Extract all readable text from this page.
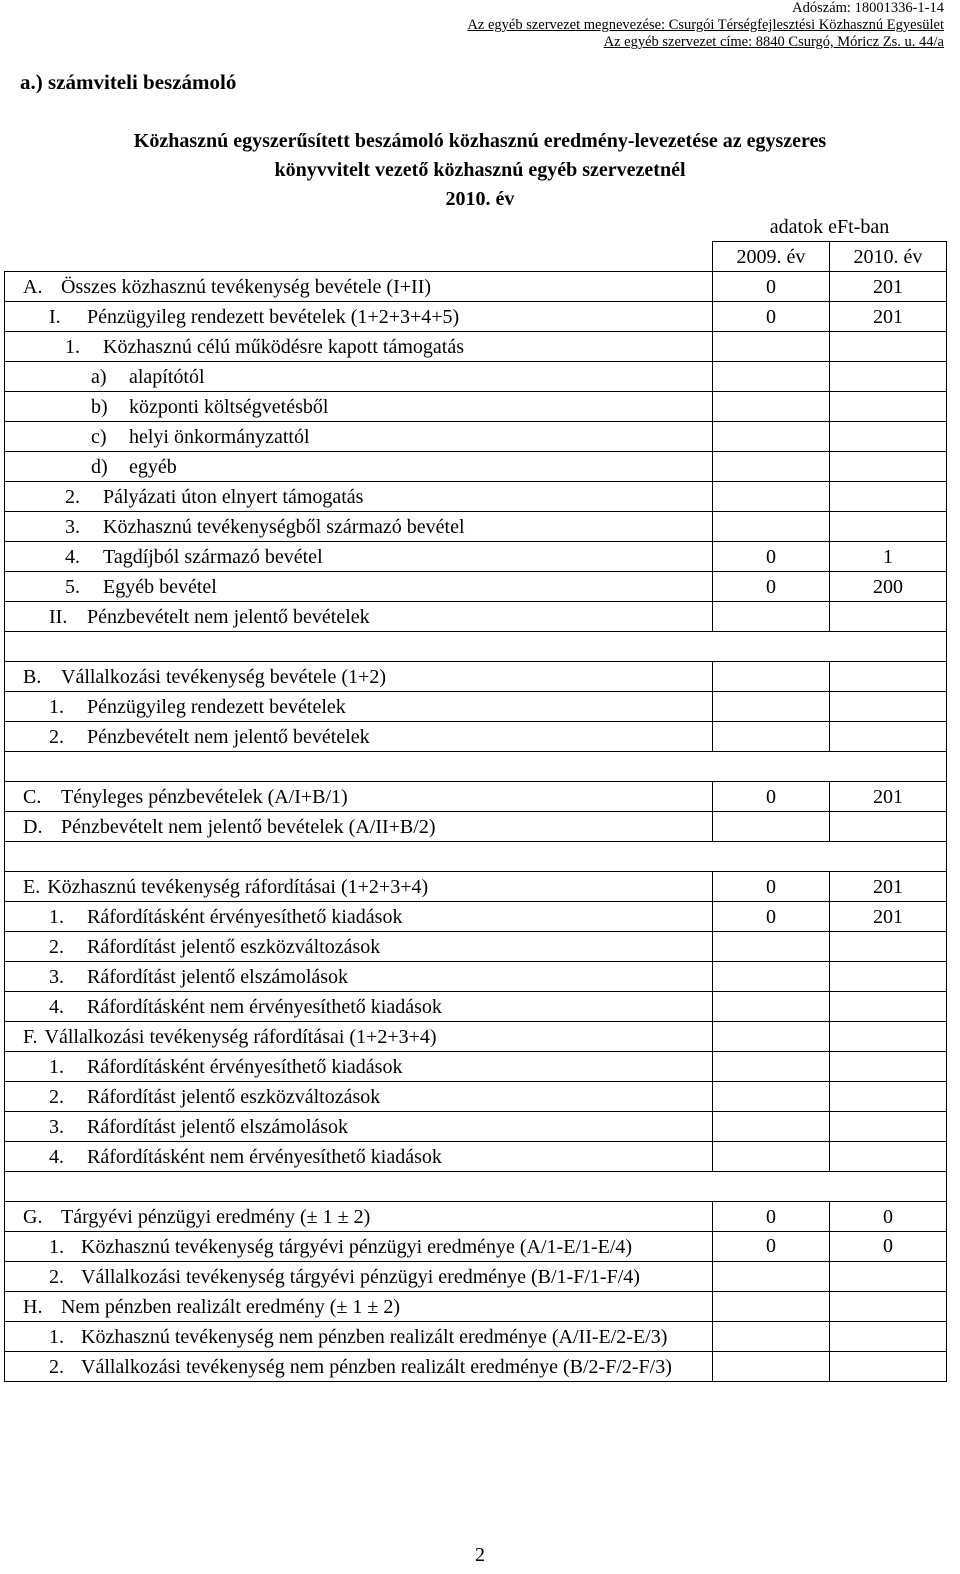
Adószám: 18001336-1-14
Az egyéb szervezet megnevezése: Csurgói Térségfejlesztési Közhasznú Egyesület
Az egyéb szervezet címe: 8840 Csurgó, Móricz Zs. u. 44/a
a.) számviteli beszámoló
Közhasznú egyszerűsített beszámoló közhasznú eredmény-levezetése az egyszeres
könyvvitelt vezető közhasznú egyéb szervezetnél
2010. év
	adatok eFt-ban	
	2009. év	2010. év
A. Összes közhasznú tevékenység bevétele (I+II)	0	201
I. Pénzügyileg rendezett bevételek (1+2+3+4+5)	0	201
1. Közhasznú célú működésre kapott támogatás		
a) alapítótól		
b) központi költségvetésből		
c) helyi önkormányzattól		
d) egyéb		
2. Pályázati úton elnyert támogatás		
3. Közhasznú tevékenységből származó bevétel		
4. Tagdíjból származó bevétel	0	1
5. Egyéb bevétel	0	200
II. Pénzbevételt nem jelentő bevételek		

B. Vállalkozási tevékenység bevétele (1+2)		
1. Pénzügyileg rendezett bevételek		
2. Pénzbevételt nem jelentő bevételek		

C. Tényleges pénzbevételek (A/I+B/1)	0	201
D. Pénzbevételt nem jelentő bevételek (A/II+B/2)		

E. Közhasznú tevékenység ráfordításai (1+2+3+4)	0	201
1. Ráfordításként érvényesíthető kiadások	0	201
2. Ráfordítást jelentő eszközváltozások		
3. Ráfordítást jelentő elszámolások		
4. Ráfordításként nem érvényesíthető kiadások		
F. Vállalkozási tevékenység ráfordításai (1+2+3+4)		
1. Ráfordításként érvényesíthető kiadások		
2. Ráfordítást jelentő eszközváltozások		
3. Ráfordítást jelentő elszámolások		
4. Ráfordításként nem érvényesíthető kiadások		

G. Tárgyévi pénzügyi eredmény (± 1 ± 2)	0	0

1. Közhasznú tevékenység tárgyévi pénzügyi eredménye (A/1-E/1-E/4)	0	0

2. Vállalkozási tevékenység tárgyévi pénzügyi eredménye (B/1-F/1-F/4)		

H. Nem pénzben realizált eredmény (± 1 ± 2)		

1. Közhasznú tevékenység nem pénzben realizált eredménye (A/II-E/2-E/3)		

2. Vállalkozási tevékenység nem pénzben realizált eredménye (B/2-F/2-F/3)		

2
